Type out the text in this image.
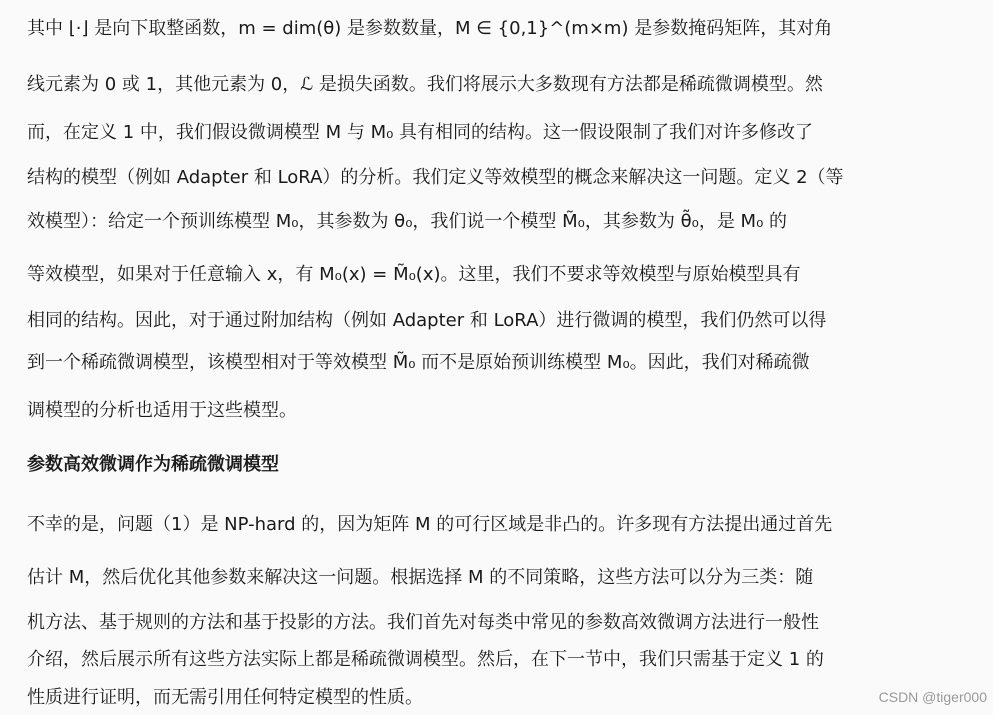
其中 ⌊·⌋ 是向下取整函数，m = dim(θ) 是参数数量，M ∈ {0,1}^(m×m) 是参数掩码矩阵，其对角
线元素为 0 或 1，其他元素为 0，ℒ 是损失函数。我们将展示大多数现有方法都是稀疏微调模型。然
而，在定义 1 中，我们假设微调模型 M 与 M₀ 具有相同的结构。这一假设限制了我们对许多修改了
结构的模型（例如 Adapter 和 LoRA）的分析。我们定义等效模型的概念来解决这一问题。定义 2（等
效模型）：给定一个预训练模型 M₀，其参数为 θ₀，我们说一个模型 M̃₀，其参数为 θ̃₀，是 M₀ 的
等效模型，如果对于任意输入 x，有 M₀(x) = M̃₀(x)。这里，我们不要求等效模型与原始模型具有
相同的结构。因此，对于通过附加结构（例如 Adapter 和 LoRA）进行微调的模型，我们仍然可以得
到一个稀疏微调模型，该模型相对于等效模型 M̃₀ 而不是原始预训练模型 M₀。因此，我们对稀疏微
调模型的分析也适用于这些模型。
参数高效微调作为稀疏微调模型
不幸的是，问题（1）是 NP-hard 的，因为矩阵 M 的可行区域是非凸的。许多现有方法提出通过首先
估计 M，然后优化其他参数来解决这一问题。根据选择 M 的不同策略，这些方法可以分为三类：随
机方法、基于规则的方法和基于投影的方法。我们首先对每类中常见的参数高效微调方法进行一般性
介绍，然后展示所有这些方法实际上都是稀疏微调模型。然后，在下一节中，我们只需基于定义 1 的
性质进行证明，而无需引用任何特定模型的性质。	CSDN @tiger000
